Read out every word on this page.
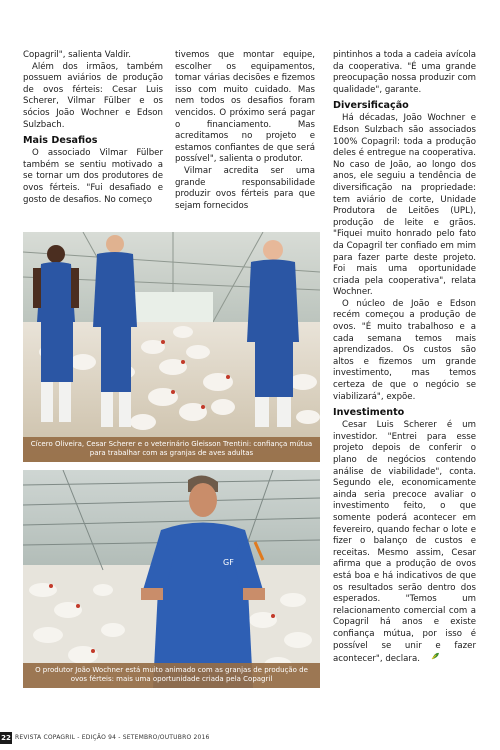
Copagril", salienta Valdir.

Além dos irmãos, também possuem aviários de produção de ovos férteis: Cesar Luis Scherer, Vilmar Fülber e os sócios João Wochner e Edson Sulzbach.

Mais Desafios

O associado Vilmar Fülber também se sentiu motivado a se tornar um dos produtores de ovos férteis. "Fui desafiado e gosto de desafios. No começo

tivemos que montar equipe, escolher os equipamentos, tomar várias decisões e fizemos isso com muito cuidado. Mas nem todos os desafios foram vencidos. O próximo será pagar o financiamento. Mas acreditamos no projeto e estamos confiantes de que será possível", salienta o produtor.

Vilmar acredita ser uma grande responsabilidade produzir ovos férteis para que sejam fornecidos

pintinhos a toda a cadeia avícola da cooperativa. "É uma grande preocupação nossa produzir com qualidade", garante.

Diversificação

Há décadas, João Wochner e Edson Sulzbach são associados 100% Copagril: toda a produção deles é entregue na cooperativa. No caso de João, ao longo dos anos, ele seguiu a tendência de diversificação na propriedade: tem aviário de corte, Unidade Produtora de Leitões (UPL), produção de leite e grãos. "Fiquei muito honrado pelo fato da Copagril ter confiado em mim para fazer parte deste projeto. Foi mais uma oportunidade criada pela cooperativa", relata Wochner.

O núcleo de João e Edson recém começou a produção de ovos. "É muito trabalhoso e a cada semana temos mais aprendizados. Os custos são altos e fizemos um grande investimento, mas temos certeza de que o negócio se viabilizará", expõe.

Investimento

Cesar Luis Scherer é um investidor. "Entrei para esse projeto depois de conferir o plano de negócios contendo análise de viabilidade", conta. Segundo ele, economicamente ainda seria precoce avaliar o investimento feito, o que somente poderá acontecer em fevereiro, quando fechar o lote e fizer o balanço de custos e receitas. Mesmo assim, Cesar afirma que a produção de ovos está boa e há indicativos de que os resultados serão dentro dos esperados. "Temos um relacionamento comercial com a Copagril há anos e existe confiança mútua, por isso é possível se unir e fazer acontecer", declara.

Cícero Oliveira, Cesar Scherer e o veterinário Gleisson Trentini: confiança mútua para trabalhar com as granjas de aves adultas
GF
O produtor João Wochner está muito animado com as granjas de produção de ovos férteis: mais uma oportunidade criada pela Copagril
22 REVISTA COPAGRIL - EDIÇÃO 94 - SETEMBRO/OUTUBRO 2016
